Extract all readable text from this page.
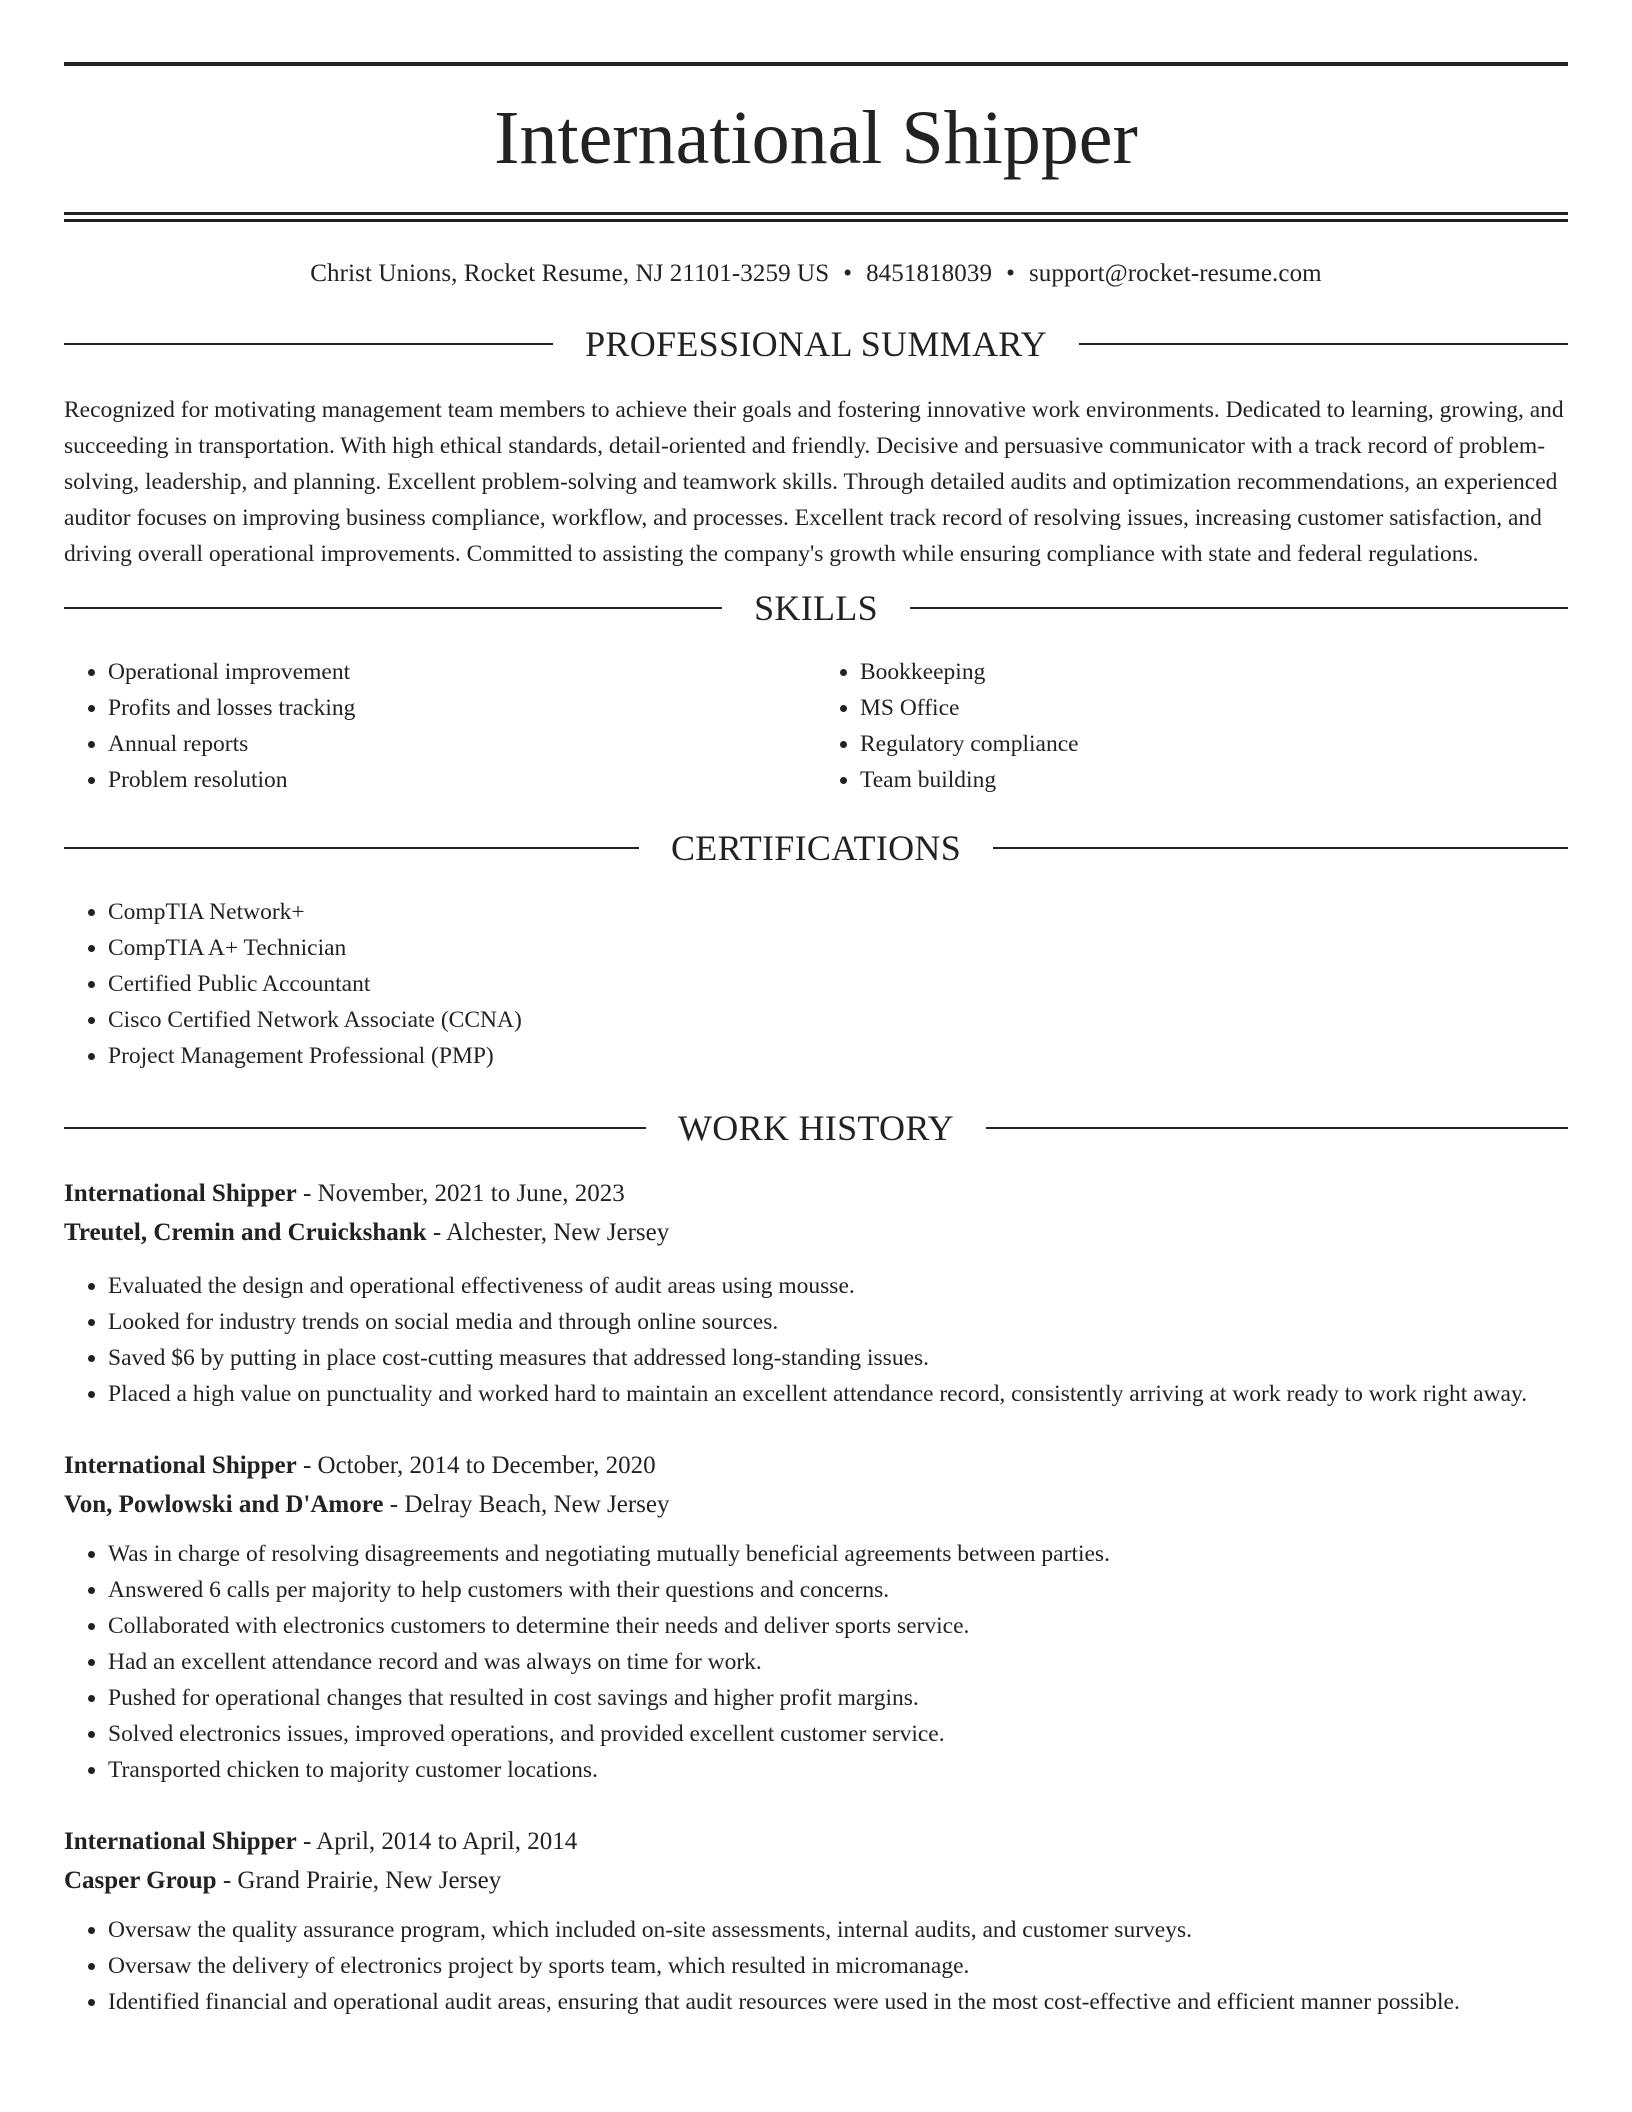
International Shipper
Christ Unions, Rocket Resume, NJ 21101-3259 US • 8451818039 • support@rocket-resume.com
PROFESSIONAL SUMMARY

Recognized for motivating management team members to achieve their goals and fostering innovative work environments. Dedicated to learning, growing, and succeeding in transportation. With high ethical standards, detail-oriented and friendly. Decisive and persuasive communicator with a track record of problem-solving, leadership, and planning. Excellent problem-solving and teamwork skills. Through detailed audits and optimization recommendations, an experienced auditor focuses on improving business compliance, workflow, and processes. Excellent track record of resolving issues, increasing customer satisfaction, and driving overall operational improvements. Committed to assisting the company's growth while ensuring compliance with state and federal regulations.

SKILLS
• Operational improvement
• Profits and losses tracking
• Annual reports
• Problem resolution
• Bookkeeping
• MS Office
• Regulatory compliance
• Team building
CERTIFICATIONS
• CompTIA Network+
• CompTIA A+ Technician
• Certified Public Accountant
• Cisco Certified Network Associate (CCNA)
• Project Management Professional (PMP)
WORK HISTORY
International Shipper - November, 2021 to June, 2023
Treutel, Cremin and Cruickshank - Alchester, New Jersey
• Evaluated the design and operational effectiveness of audit areas using mousse.
• Looked for industry trends on social media and through online sources.
• Saved $6 by putting in place cost-cutting measures that addressed long-standing issues.
• Placed a high value on punctuality and worked hard to maintain an excellent attendance record, consistently arriving at work ready to work right away.
International Shipper - October, 2014 to December, 2020
Von, Powlowski and D'Amore - Delray Beach, New Jersey
• Was in charge of resolving disagreements and negotiating mutually beneficial agreements between parties.
• Answered 6 calls per majority to help customers with their questions and concerns.
• Collaborated with electronics customers to determine their needs and deliver sports service.
• Had an excellent attendance record and was always on time for work.
• Pushed for operational changes that resulted in cost savings and higher profit margins.
• Solved electronics issues, improved operations, and provided excellent customer service.
• Transported chicken to majority customer locations.
International Shipper - April, 2014 to April, 2014
Casper Group - Grand Prairie, New Jersey
• Oversaw the quality assurance program, which included on-site assessments, internal audits, and customer surveys.
• Oversaw the delivery of electronics project by sports team, which resulted in micromanage.
• Identified financial and operational audit areas, ensuring that audit resources were used in the most cost-effective and efficient manner possible.
